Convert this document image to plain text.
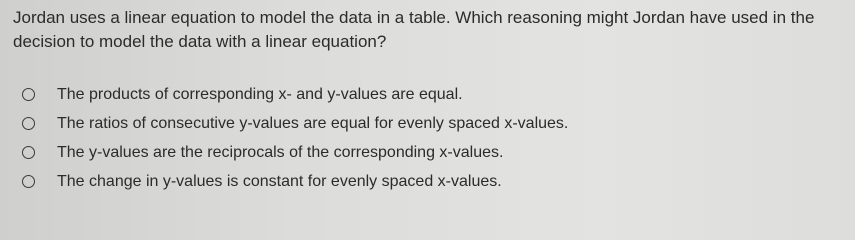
Jordan uses a linear equation to model the data in a table. Which reasoning might Jordan have used in the decision to model the data with a linear equation?

The products of corresponding x- and y-values are equal.
The ratios of consecutive y-values are equal for evenly spaced x-values.
The y-values are the reciprocals of the corresponding x-values.
The change in y-values is constant for evenly spaced x-values.
